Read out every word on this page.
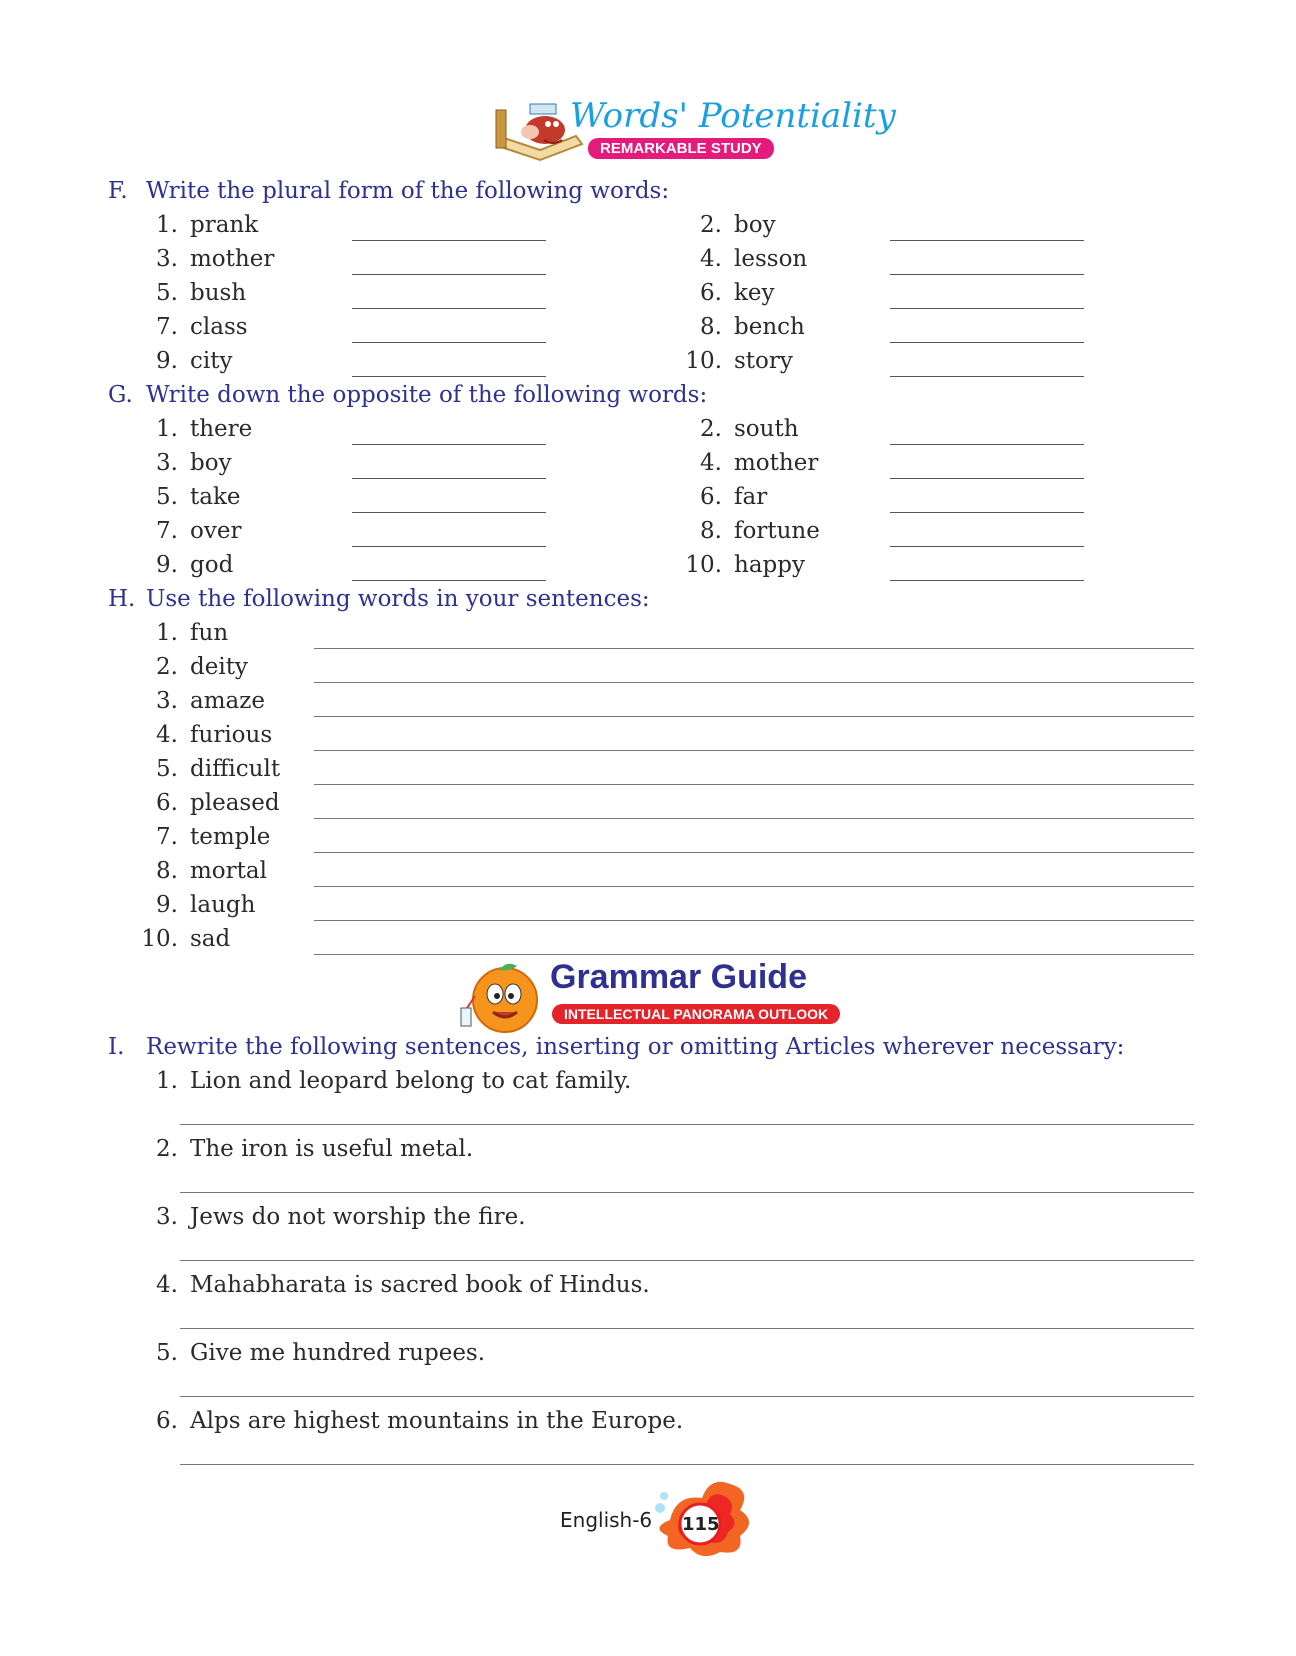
Words' Potentiality
REMARKABLE STUDY
F. Write the plural form of the following words:
1. prank
3. mother
5. bush
7. class
9. city
2. boy
4. lesson
6. key
8. bench
10. story
G. Write down the opposite of the following words:
1. there
3. boy
5. take
7. over
9. god
2. south
4. mother
6. far
8. fortune
10. happy
H. Use the following words in your sentences:
1. fun
2. deity
3. amaze
4. furious
5. difficult
6. pleased
7. temple
8. mortal
9. laugh
10. sad
Grammar Guide
INTELLECTUAL PANORAMA OUTLOOK
I. Rewrite the following sentences, inserting or omitting Articles wherever necessary:
1. Lion and leopard belong to cat family.
2. The iron is useful metal.
3. Jews do not worship the fire.
4. Mahabharata is sacred book of Hindus.
5. Give me hundred rupees.
6. Alps are highest mountains in the Europe.
English-6 115
